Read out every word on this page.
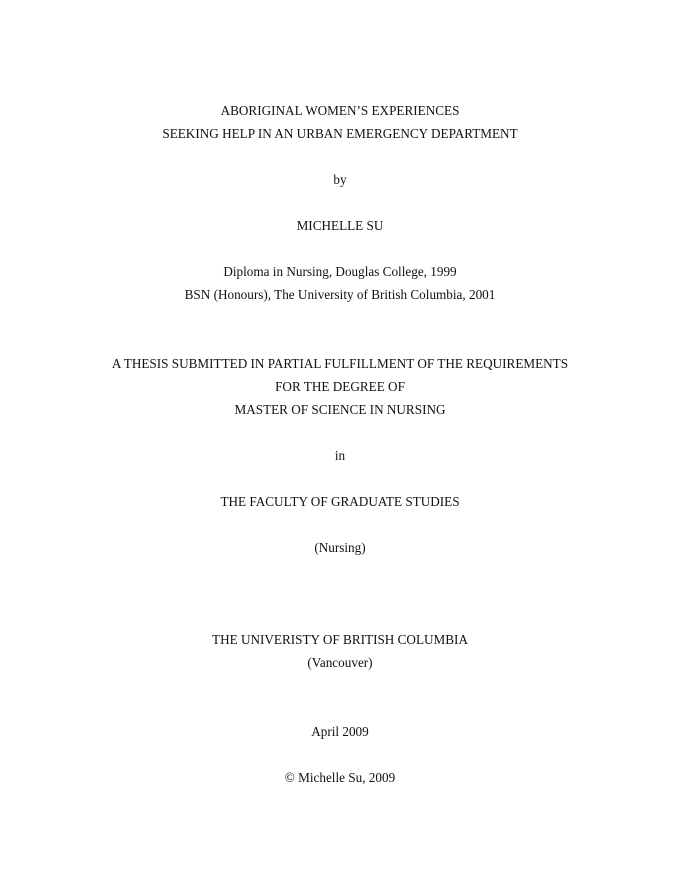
ABORIGINAL WOMEN’S EXPERIENCES
SEEKING HELP IN AN URBAN EMERGENCY DEPARTMENT
by
MICHELLE SU
Diploma in Nursing, Douglas College, 1999
BSN (Honours), The University of British Columbia, 2001
A THESIS SUBMITTED IN PARTIAL FULFILLMENT OF THE REQUIREMENTS
FOR THE DEGREE OF
MASTER OF SCIENCE IN NURSING
in
THE FACULTY OF GRADUATE STUDIES
(Nursing)
THE UNIVERISTY OF BRITISH COLUMBIA
(Vancouver)
April 2009
© Michelle Su, 2009
